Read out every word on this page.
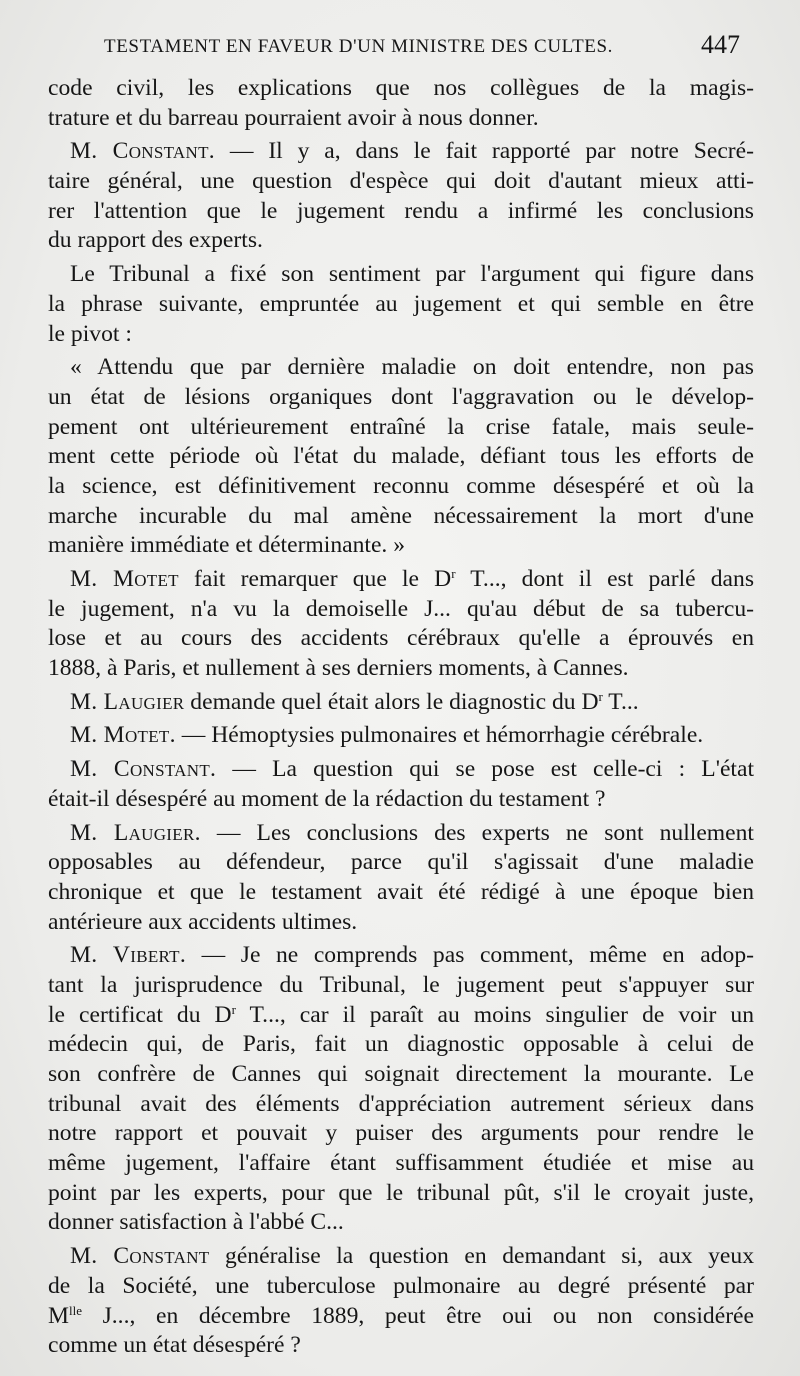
TESTAMENT EN FAVEUR D'UN MINISTRE DES CULTES.	447
code civil, les explications que nos collègues de la magis-
trature et du barreau pourraient avoir à nous donner.
M. Constant. — Il y a, dans le fait rapporté par notre Secré-
taire général, une question d'espèce qui doit d'autant mieux atti-
rer l'attention que le jugement rendu a infirmé les conclusions
du rapport des experts.
Le Tribunal a fixé son sentiment par l'argument qui figure dans
la phrase suivante, empruntée au jugement et qui semble en être
le pivot :
« Attendu que par dernière maladie on doit entendre, non pas
un état de lésions organiques dont l'aggravation ou le dévelop-
pement ont ultérieurement entraîné la crise fatale, mais seule-
ment cette période où l'état du malade, défiant tous les efforts de
la science, est définitivement reconnu comme désespéré et où la
marche incurable du mal amène nécessairement la mort d'une
manière immédiate et déterminante. »
M. Motet fait remarquer que le $D^r$ T..., dont il est parlé dans
le jugement, n'a vu la demoiselle J... qu'au début de sa tubercu-
lose et au cours des accidents cérébraux qu'elle a éprouvés en
1888, à Paris, et nullement à ses derniers moments, à Cannes.
M. Laugier demande quel était alors le diagnostic du $D^r$ T...
M. Motet. — Hémoptysies pulmonaires et hémorrhagie cérébrale.
M. Constant. — La question qui se pose est celle-ci : L'état
était-il désespéré au moment de la rédaction du testament ?
M. Laugier. — Les conclusions des experts ne sont nullement
opposables au défendeur, parce qu'il s'agissait d'une maladie
chronique et que le testament avait été rédigé à une époque bien
antérieure aux accidents ultimes.
M. Vibert. — Je ne comprends pas comment, même en adop-
tant la jurisprudence du Tribunal, le jugement peut s'appuyer sur
le certificat du $D^r$ T..., car il paraît au moins singulier de voir un
médecin qui, de Paris, fait un diagnostic opposable à celui de
son confrère de Cannes qui soignait directement la mourante. Le
tribunal avait des éléments d'appréciation autrement sérieux dans
notre rapport et pouvait y puiser des arguments pour rendre le
même jugement, l'affaire étant suffisamment étudiée et mise au
point par les experts, pour que le tribunal pût, s'il le croyait juste,
donner satisfaction à l'abbé C...
M. Constant généralise la question en demandant si, aux yeux
de la Société, une tuberculose pulmonaire au degré présenté par
$M^{lle}$ J..., en décembre 1889, peut être oui ou non considérée
comme un état désespéré ?
